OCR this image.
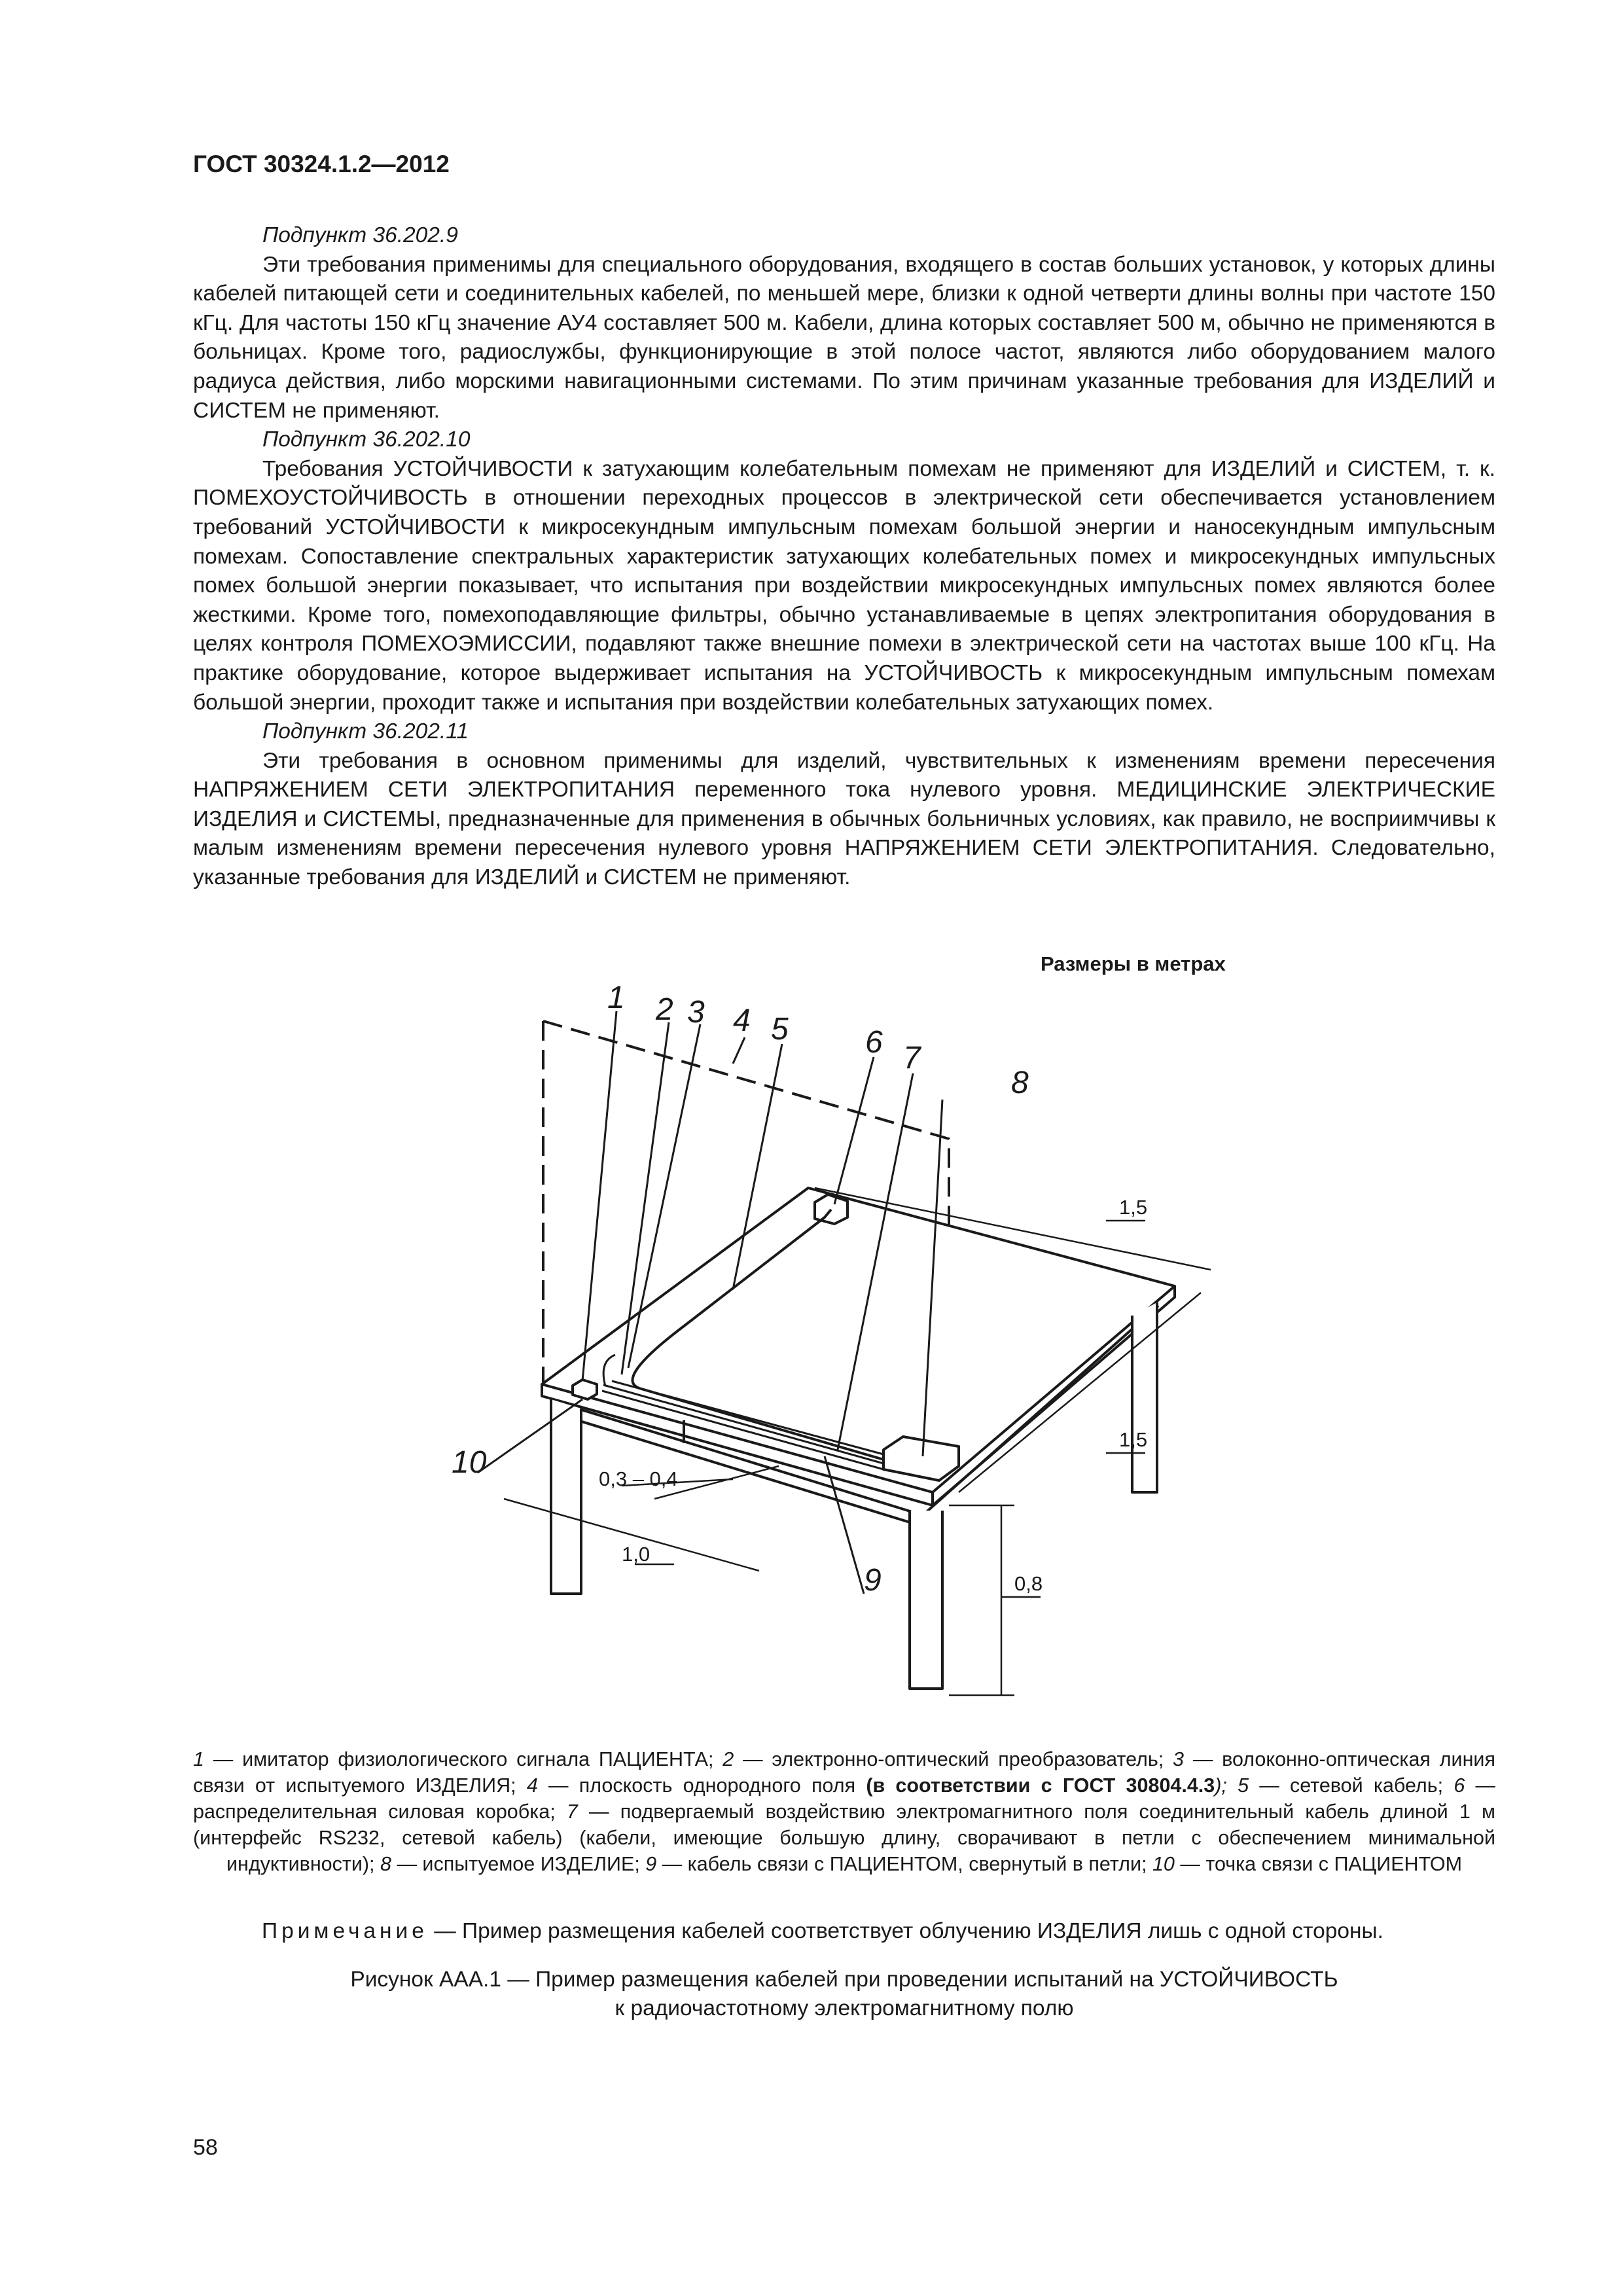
ГОСТ 30324.1.2—2012

Подпункт 36.202.9

Эти требования применимы для специального оборудования, входящего в состав больших установок, у которых длины кабелей питающей сети и соединительных кабелей, по меньшей мере, близки к одной четверти длины волны при частоте 150 кГц. Для частоты 150 кГц значение АУ4 составляет 500 м. Кабели, длина которых составляет 500 м, обычно не применяются в больницах. Кроме того, радиослужбы, функционирующие в этой полосе частот, являются либо оборудованием малого радиуса действия, либо морскими навигационными системами. По этим причинам указанные требования для ИЗДЕЛИЙ и СИСТЕМ не применяют.

Подпункт 36.202.10

Требования УСТОЙЧИВОСТИ к затухающим колебательным помехам не применяют для ИЗДЕЛИЙ и СИСТЕМ, т. к. ПОМЕХОУСТОЙЧИВОСТЬ в отношении переходных процессов в электрической сети обеспечивается установлением требований УСТОЙЧИВОСТИ к микросекундным импульсным помехам большой энергии и наносекундным импульсным помехам. Сопоставление спектральных характеристик затухающих колебательных помех и микросекундных импульсных помех большой энергии показывает, что испытания при воздействии микросекундных импульсных помех являются более жесткими. Кроме того, помехоподавляющие фильтры, обычно устанавливаемые в цепях электропитания оборудования в целях контроля ПОМЕХОЭМИССИИ, подавляют также внешние помехи в электрической сети на частотах выше 100 кГц. На практике оборудование, которое выдерживает испытания на УСТОЙЧИВОСТЬ к микросекундным импульсным помехам большой энергии, проходит также и испытания при воздействии колебательных затухающих помех.

Подпункт 36.202.11

Эти требования в основном применимы для изделий, чувствительных к изменениям времени пересечения НАПРЯЖЕНИЕМ СЕТИ ЭЛЕКТРОПИТАНИЯ переменного тока нулевого уровня. МЕДИЦИНСКИЕ ЭЛЕКТРИЧЕСКИЕ ИЗДЕЛИЯ и СИСТЕМЫ, предназначенные для применения в обычных больничных условиях, как правило, не восприимчивы к малым изменениям времени пересечения нулевого уровня НАПРЯЖЕНИЕМ СЕТИ ЭЛЕКТРОПИТАНИЯ. Следовательно, указанные требования для ИЗДЕЛИЙ и СИСТЕМ не применяют.

Размеры в метрах
1 2 3 4 5 6 7
8
9
10
1,5
1,5
1,0
0,3 – 0,4
0,8
1 — имитатор физиологического сигнала ПАЦИЕНТА; 2 — электронно-оптический преобразователь; 3 — волоконно-оптическая линия связи от испытуемого ИЗДЕЛИЯ; 4 — плоскость однородного поля (в соответствии с ГОСТ 30804.4.3); 5 — сетевой кабель; 6 — распределительная силовая коробка; 7 — подвергаемый воздействию электромагнитного поля соединительный кабель длиной 1 м (интерфейс RS232, сетевой кабель) (кабели, имеющие большую длину, сворачивают в петли с обеспечением минимальной индуктивности); 8 — испытуемое ИЗДЕЛИЕ; 9 — кабель связи с ПАЦИЕНТОМ, свернутый в петли; 10 — точка связи с ПАЦИЕНТОМ
Примечание — Пример размещения кабелей соответствует облучению ИЗДЕЛИЯ лишь с одной стороны.
Рисунок ААА.1 — Пример размещения кабелей при проведении испытаний на УСТОЙЧИВОСТЬ
к радиочастотному электромагнитному полю
58
